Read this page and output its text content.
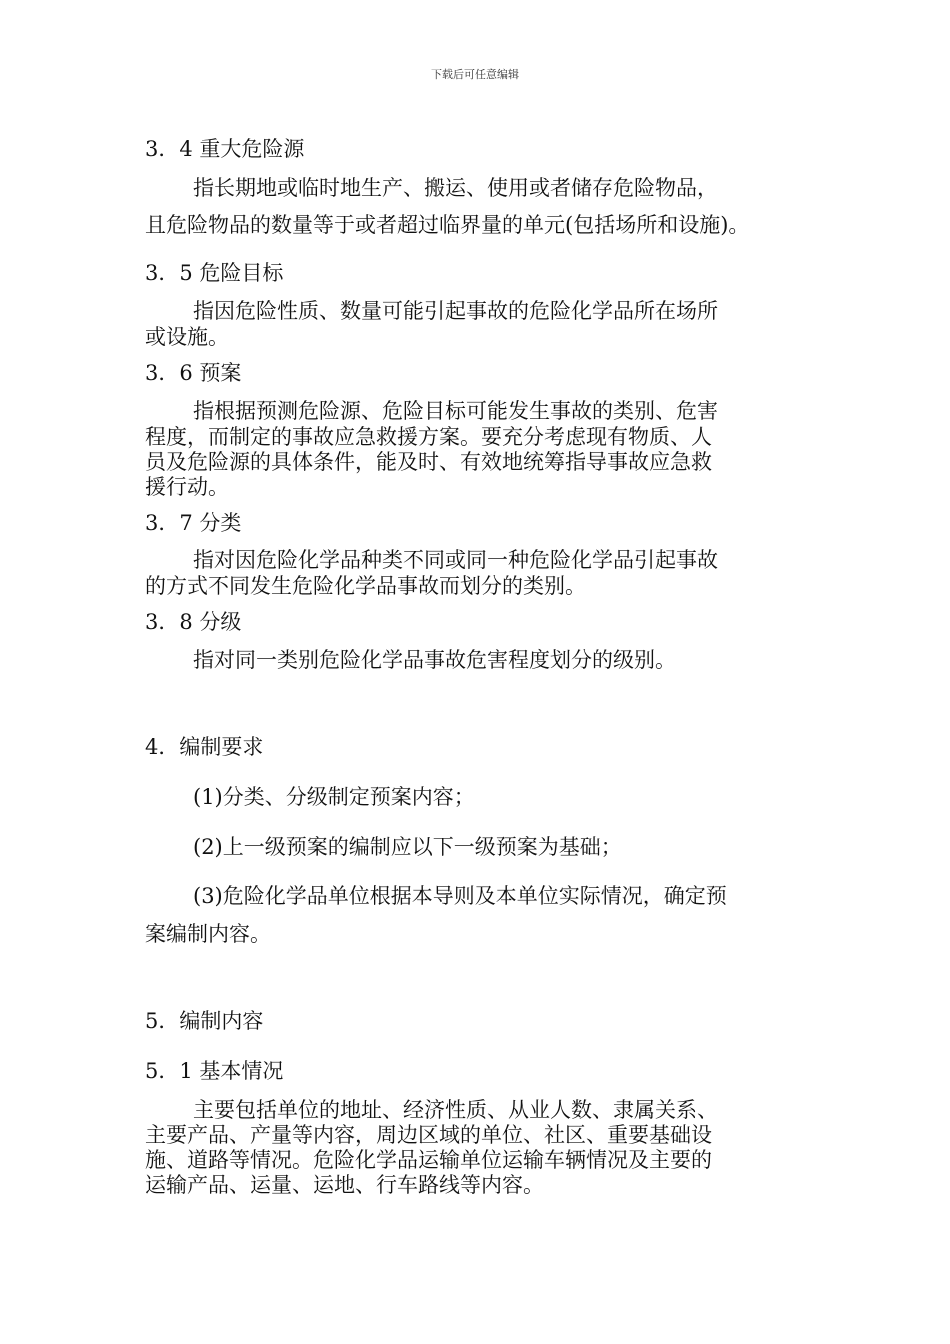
下载后可任意编辑
3．4 重大危险源
指长期地或临时地生产、搬运、使用或者储存危险物品，
且危险物品的数量等于或者超过临界量的单元(包括场所和设施)。
3．5 危险目标
指因危险性质、数量可能引起事故的危险化学品所在场所
或设施。
3．6 预案
指根据预测危险源、危险目标可能发生事故的类别、危害
程度，而制定的事故应急救援方案。要充分考虑现有物质、人
员及危险源的具体条件，能及时、有效地统筹指导事故应急救
援行动。
3．7 分类
指对因危险化学品种类不同或同一种危险化学品引起事故
的方式不同发生危险化学品事故而划分的类别。
3．8 分级
指对同一类别危险化学品事故危害程度划分的级别。
4．编制要求
(1)分类、分级制定预案内容；
(2)上一级预案的编制应以下一级预案为基础；
(3)危险化学品单位根据本导则及本单位实际情况，确定预
案编制内容。
5．编制内容
5．1 基本情况
主要包括单位的地址、经济性质、从业人数、隶属关系、
主要产品、产量等内容，周边区域的单位、社区、重要基础设
施、道路等情况。危险化学品运输单位运输车辆情况及主要的
运输产品、运量、运地、行车路线等内容。
